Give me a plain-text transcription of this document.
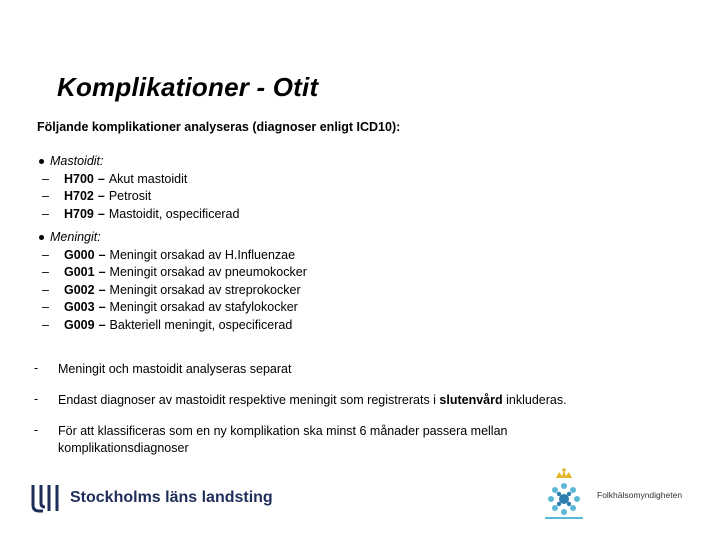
Komplikationer - Otit
Följande komplikationer analyseras (diagnoser enligt ICD10):
Mastoidit:
–	H700 – Akut mastoidit
–	H702 – Petrosit
–	H709 – Mastoidit, ospecificerad
Meningit:
–	G000 – Meningit orsakad av H.Influenzae
–	G001 – Meningit orsakad av pneumokocker
–	G002 – Meningit orsakad av streprokocker
–	G003 – Meningit orsakad av stafylokocker
–	G009 – Bakteriell meningit, ospecificerad
-	Meningit och mastoidit analyseras separat
-	Endast diagnoser av mastoidit respektive meningit som registrerats i slutenvård inkluderas.
-	För att klassificeras som en ny komplikation ska minst 6 månader passera mellan
komplikationsdiagnoser
Stockholms läns landsting	Folkhälsomyndigheten
